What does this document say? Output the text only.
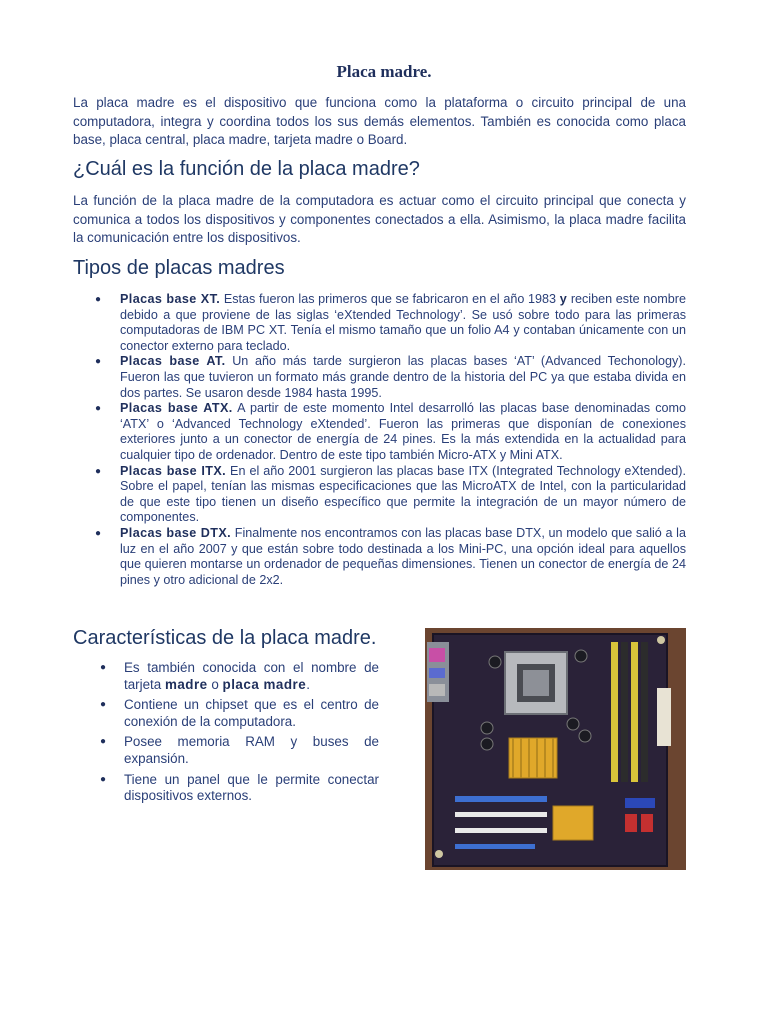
Placa madre.

La placa madre es el dispositivo que funciona como la plataforma o circuito principal de una computadora, integra y coordina todos los sus demás elementos. También es conocida como placa base, placa central, placa madre, tarjeta madre o Board.

¿Cuál es la función de la placa madre?

La función de la placa madre de la computadora es actuar como el circuito principal que conecta y comunica a todos los dispositivos y componentes conectados a ella. Asimismo, la placa madre facilita la comunicación entre los dispositivos.

Tipos de placas madres
● Placas base XT. Estas fueron las primeros que se fabricaron en el año 1983 y reciben este nombre debido a que proviene de las siglas ‘eXtended Technology’. Se usó sobre todo para las primeras computadoras de IBM PC XT. Tenía el mismo tamaño que un folio A4 y contaban únicamente con un conector externo para teclado.
● Placas base AT. Un año más tarde surgieron las placas bases ‘AT’ (Advanced Techonology). Fueron las que tuvieron un formato más grande dentro de la historia del PC ya que estaba divida en dos partes. Se usaron desde 1984 hasta 1995.
● Placas base ATX. A partir de este momento Intel desarrolló las placas base denominadas como ‘ATX’ o ‘Advanced Technology eXtended’. Fueron las primeras que disponían de conexiones exteriores junto a un conector de energía de 24 pines. Es la más extendida en la actualidad para cualquier tipo de ordenador. Dentro de este tipo también Micro-ATX y Mini ATX.
● Placas base ITX. En el año 2001 surgieron las placas base ITX (Integrated Technology eXtended). Sobre el papel, tenían las mismas especificaciones que las MicroATX de Intel, con la particularidad de que este tipo tienen un diseño específico que permite la integración de un mayor número de componentes.
● Placas base DTX. Finalmente nos encontramos con las placas base DTX, un modelo que salió a la luz en el año 2007 y que están sobre todo destinada a los Mini-PC, una opción ideal para aquellos que quieren montarse un ordenador de pequeñas dimensiones. Tienen un conector de energía de 24 pines y otro adicional de 2x2.
Características de la placa madre.
● Es también conocida con el nombre de tarjeta madre o placa madre.
● Contiene un chipset que es el centro de conexión de la computadora.
● Posee memoria RAM y buses de expansión.
● Tiene un panel que le permite conectar dispositivos externos.
